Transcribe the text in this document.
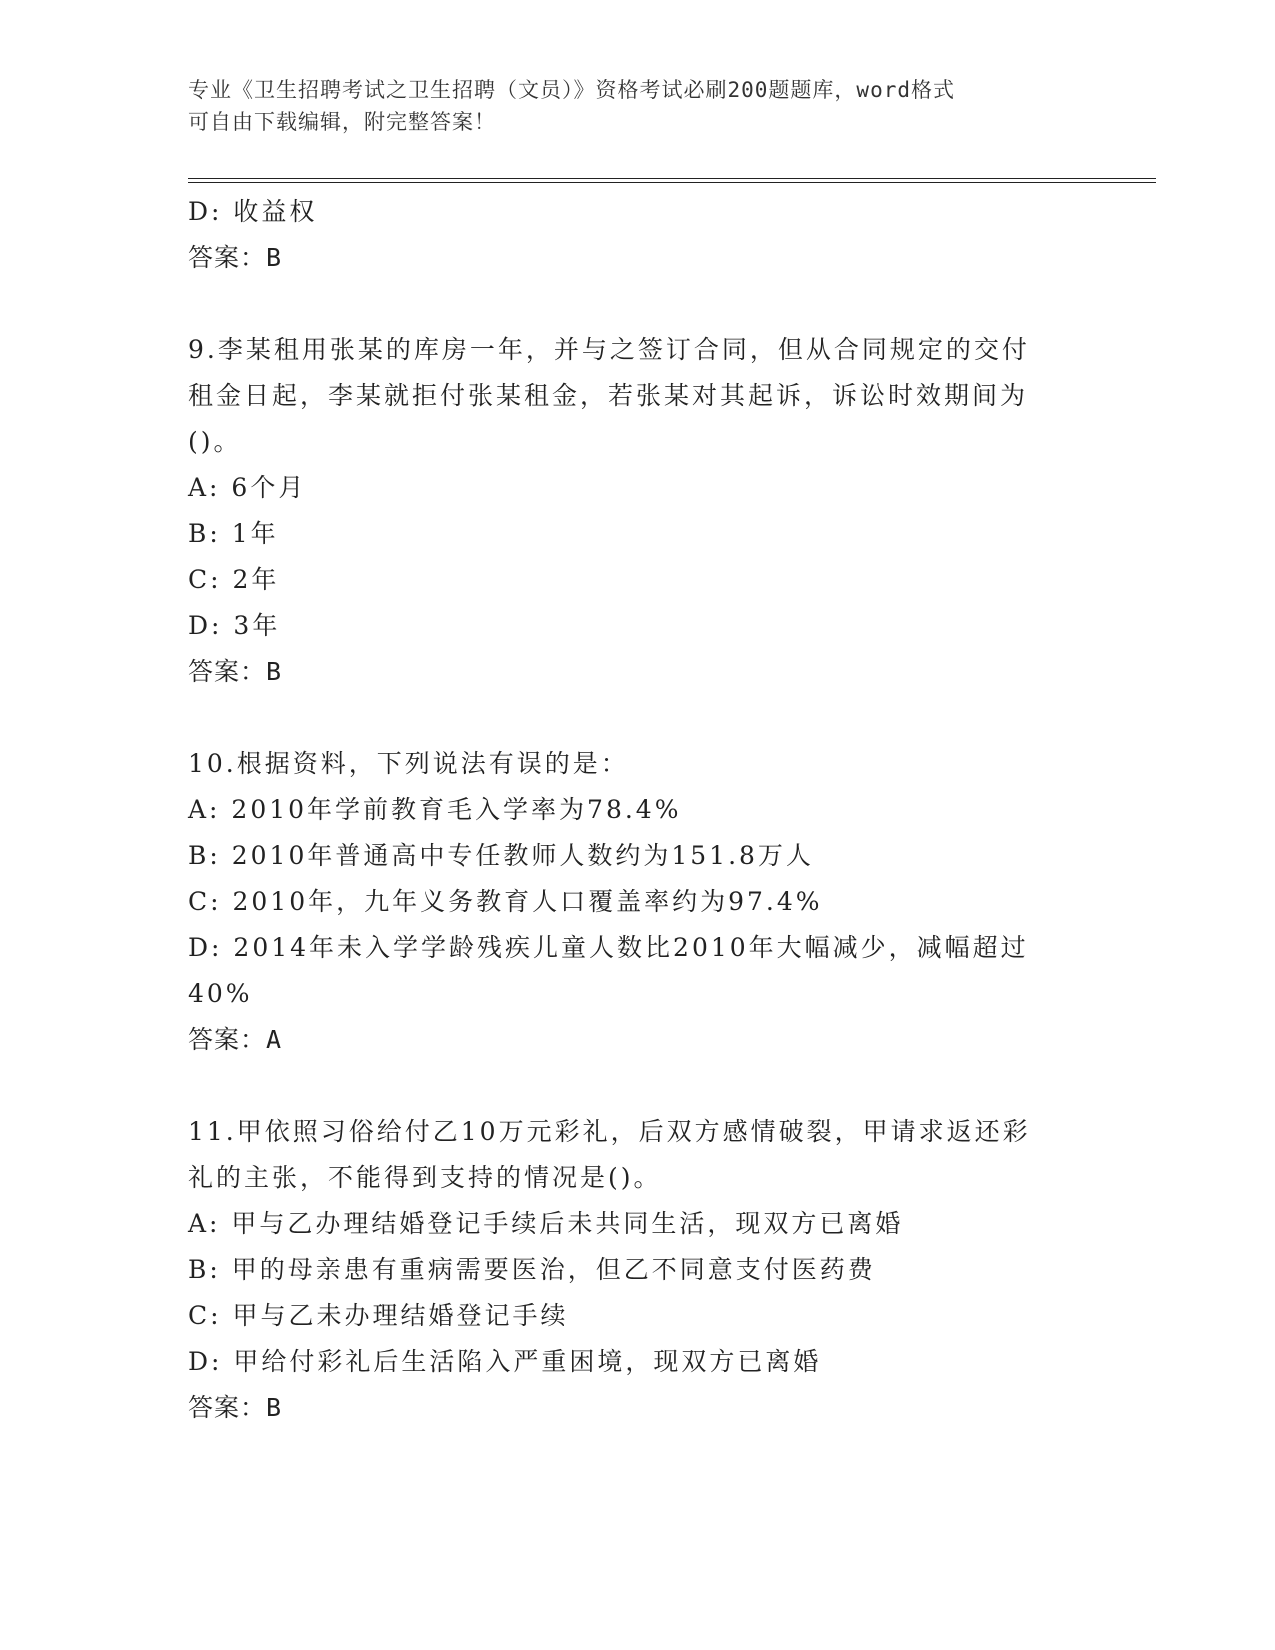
专业《卫生招聘考试之卫生招聘（文员）》资格考试必刷200题题库，word格式
可自由下载编辑，附完整答案！
D: 收益权
答案：B
9.李某租用张某的库房一年，并与之签订合同，但从合同规定的交付
租金日起，李某就拒付张某租金，若张某对其起诉，诉讼时效期间为
()。
A: 6个月
B: 1年
C: 2年
D: 3年
答案：B
10.根据资料，下列说法有误的是：
A: 2010年学前教育毛入学率为78.4%
B: 2010年普通高中专任教师人数约为151.8万人
C: 2010年，九年义务教育人口覆盖率约为97.4%
D: 2014年未入学学龄残疾儿童人数比2010年大幅减少，减幅超过
40%
答案：A
11.甲依照习俗给付乙10万元彩礼，后双方感情破裂，甲请求返还彩
礼的主张，不能得到支持的情况是()。
A: 甲与乙办理结婚登记手续后未共同生活，现双方已离婚
B: 甲的母亲患有重病需要医治，但乙不同意支付医药费
C: 甲与乙未办理结婚登记手续
D: 甲给付彩礼后生活陷入严重困境，现双方已离婚
答案：B
